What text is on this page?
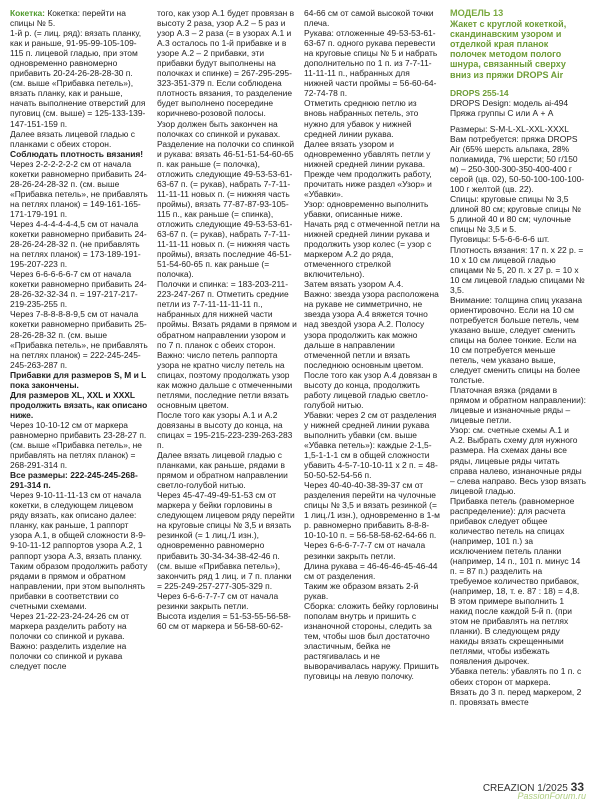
Кокетка: Кокетка: перейти на спицы № 5.

1-й р. (= лиц. ряд): вязать планку, как и раньше, 91-95-99-105-109-115 п. лицевой гладью, при этом одновременно равномерно прибавить 20-24-26-28-28-30 п. (см. выше «Прибавка петель»), вязать планку, как и раньше, начать выполнение отверстий для пуговиц (см. выше) = 125-133-139-147-151-159 п.

Далее вязать лицевой гладью с планками с обеих сторон.

Соблюдать плотность вязания!

Через 2-2-2-2-2-2 см от начала кокетки равномерно прибавить 24-28-26-24-28-32 п. (см. выше «Прибавка петель», не прибавлять на петлях планок) = 149-161-165-171-179-191 п.

Через 4-4-4-4-4-4,5 см от начала кокетки равномерно прибавить 24-28-26-24-28-32 п. (не прибавлять на петлях планок) = 173-189-191-195-207-223 п.

Через 6-6-6-6-6-7 см от начала кокетки равномерно прибавить 24-28-26-32-32-34 п. = 197-217-217-219-235-255 п.

Через 7-8-8-8-8-9,5 см от начала кокетки равномерно прибавить 25-28-26-28-32 п. (см. выше «Прибавка петель», не прибавлять на петлях планок) = 222-245-245-245-263-287 п.

Прибавки для размеров S, M и L пока закончены.

Для размеров XL, XXL и XXXL продолжить вязать, как описано ниже.

Через 10-10-12 см от маркера равномерно прибавить 23-28-27 п. (см. выше «Прибавка петель», не прибавлять на петлях планок) = 268-291-314 п.

Все размеры: 222-245-245-268-291-314 п.

Через 9-10-11-11-13 см от начала кокетки, в следующем лицевом ряду вязать, как описано далее: планку, как раньше, 1 раппорт узора А.1, в общей сложности 8-9-9-10-11-12 раппортов узора А.2, 1 раппорт узора А.3, вязать планку.

Таким образом продолжить работу рядами в прямом и обратном направлении, при этом выполнять прибавки в соответствии со счетными схемами.

Через 21-22-23-24-24-26 см от маркера разделить работу на полочки со спинкой и рукава.

Важно: разделить изделие на полочки со спинкой и рукава следует после

того, как узор А.1 будет провязан в высоту 2 раза, узор А.2 – 5 раз и узор А.3 – 2 раза (= в узорах А.1 и А.3 осталось по 1-й прибавке и в узоре А.2 – 2 прибавки, эти прибавки будут выполнены на полочках и спинке) = 267-295-295-323-351-379 п. Если соблюдена плотность вязания, то разделение будет выполнено посередине коричнево-розовой полосы.

Узор должен быть закончен на полочках со спинкой и рукавах.

Разделение на полочки со спинкой и рукава: вязать 46-51-51-54-60-65 п. как раньше (= полочка), отложить следующие 49-53-53-61-63-67 п. (= рукав), набрать 7-7-11-11-11-11 новых п. (= нижняя часть проймы), вязать 77-87-87-93-105-115 п., как раньше (= спинка), отложить следующие 49-53-53-61-63-67 п. (= рукав), набрать 7-7-11-11-11-11 новых п. (= нижняя часть проймы), вязать последние 46-51-51-54-60-65 п. как раньше (= полочка).

Полочки и спинка: = 183-203-211-223-247-267 п. Отметить средние петли из 7-7-11-11-11-11 п., набранных для нижней части проймы. Вязать рядами в прямом и обратном направлении узором и по 7 п. планок с обеих сторон.

Важно: число петель раппорта узора не кратно числу петель на спицах, поэтому продолжать узор как можно дальше с отмеченными петлями, последние петли вязать основным цветом.

После того как узоры А.1 и А.2 довязаны в высоту до конца, на спицах = 195-215-223-239-263-283 п.

Далее вязать лицевой гладью с планками, как раньше, рядами в прямом и обратном направлении светло-голубой нитью.

Через 45-47-49-49-51-53 см от маркера у бейки горловины в следующем лицевом ряду перейти на круговые спицы № 3,5 и вязать резинкой (= 1 лиц./1 изн.), одновременно равномерно прибавить 30-34-34-38-42-46 п. (см. выше «Прибавка петель»), закончить ряд 1 лиц. и 7 п. планки = 225-249-257-277-305-329 п.

Через 6-6-6-7-7-7 см от начала резинки закрыть петли.

Высота изделия = 51-53-55-56-58-60 см от маркера и 56-58-60-62-

64-66 см от самой высокой точки плеча.

Рукава: отложенные 49-53-53-61-63-67 п. одного рукава перевести на круговые спицы № 5 и набрать дополнительно по 1 п. из 7-7-11-11-11-11 п., набранных для нижней части проймы = 56-60-64-72-74-78 п.

Отметить среднюю петлю из вновь набранных петель, это нужно для убавок у нижней средней линии рукава.

Далее вязать узором и одновременно убавлять петли у нижней средней линии рукава. Прежде чем продолжить работу, прочитать ниже раздел «Узор» и «Убавки».

Узор: одновременно выполнить убавки, описанные ниже.

Начать ряд с отмеченной петли на нижней средней линии рукава и продолжить узор колес (= узор с маркером А.2 до ряда, отмеченного стрелкой включительно).

Затем вязать узором А.4.

Важно: звезда узора расположена на рукаве не симметрично, не звезда узора А.4 вяжется точно над звездой узора А.2. Полосу узора продолжить как можно дальше в направлении отмеченной петли и вязать последнюю основным цветом.

После того как узор А.4 довязан в высоту до конца, продолжить работу лицевой гладью светло-голубой нитью.

Убавки: через 2 см от разделения у нижней средней линии рукава выполнить убавки (см. выше «Убавка петель»): каждые 2-1,5-1,5-1-1-1 см в общей сложности убавить 4-5-7-10-10-11 x 2 п. = 48-50-50-52-54-56 п.

Через 40-40-40-38-39-37 см от разделения перейти на чулочные спицы № 3,5 и вязать резинкой (= 1 лиц./1 изн.), одновременно в 1-м р. равномерно прибавить 8-8-8-10-10-10 п. = 56-58-58-62-64-66 п.

Через 6-6-6-7-7-7 см от начала резинки закрыть петли.

Длина рукава = 46-46-46-45-46-44 см от разделения.

Таким же образом вязать 2-й рукав.

Сборка: сложить бейку горловины пополам внутрь и пришить с изнаночной стороны, следить за тем, чтобы шов был достаточно эластичным, бейка не растягивалась и не выворачивалась наружу. Пришить пуговицы на левую полочку.

МОДЕЛЬ 13

Жакет с круглой кокеткой, скандинавским узором и отделкой края планок полочек методом полого шнура, связанный сверху вниз из пряжи DROPS Air

DROPS 255-14

DROPS Design: модель ai-494

Пряжа группы С или А + А

Размеры: S-M-L-XL-XXL-XXXL

Вам потребуется: пряжа DROPS Air (65% шерсть альпака, 28% полиамида, 7% шерсти; 50 г/150 м) – 250-300-300-350-400-400 г серой (цв. 02), 50-50-100-100-100-100 г желтой (цв. 22).

Спицы: круговые спицы № 3,5 длиной 80 см; круговые спицы № 5 длиной 40 и 80 см; чулочные спицы № 3,5 и 5.

Пуговицы: 5-5-6-6-6-6 шт.

Плотность вязания: 17 п. x 22 р. = 10 x 10 см лицевой гладью спицами № 5, 20 п. x 27 р. = 10 x 10 см лицевой гладью спицами № 3,5.

Внимание: толщина спиц указана ориентировочно. Если на 10 см потребуется больше петель, чем указано выше, следует сменить спицы на более тонкие. Если на 10 см потребуется меньше петель, чем указано выше, следует сменить спицы на более толстые.

Платочная вязка (рядами в прямом и обратном направлении): лицевые и изнаночные ряды – лицевые петли.

Узор: см. счетные схемы А.1 и А.2. Выбрать схему для нужного размера. На схемах даны все ряды, лицевые ряды читать справа налево, изнаночные ряды – слева направо. Весь узор вязать лицевой гладью.

Прибавка петель (равномерное распределение): для расчета прибавок следует общее количество петель на спицах (например, 101 п.) за исключением петель планки (например, 14 п., 101 п. минус 14 п. = 87 п.) разделить на требуемое количество прибавок, (например, 18, т. е. 87 : 18) = 4,8. В этом примере выполнить 1 накид после каждой 5-й п. (при этом не прибавлять на петлях планки). В следующем ряду накиды вязать скрещенными петлями, чтобы избежать появления дырочек.

Убавка петель: убавлять по 1 п. с обеих сторон от маркера.

Вязать до 3 п. перед маркером, 2 п. провязать вместе

CREAZION 1/2025 33
PassionForum.ru
